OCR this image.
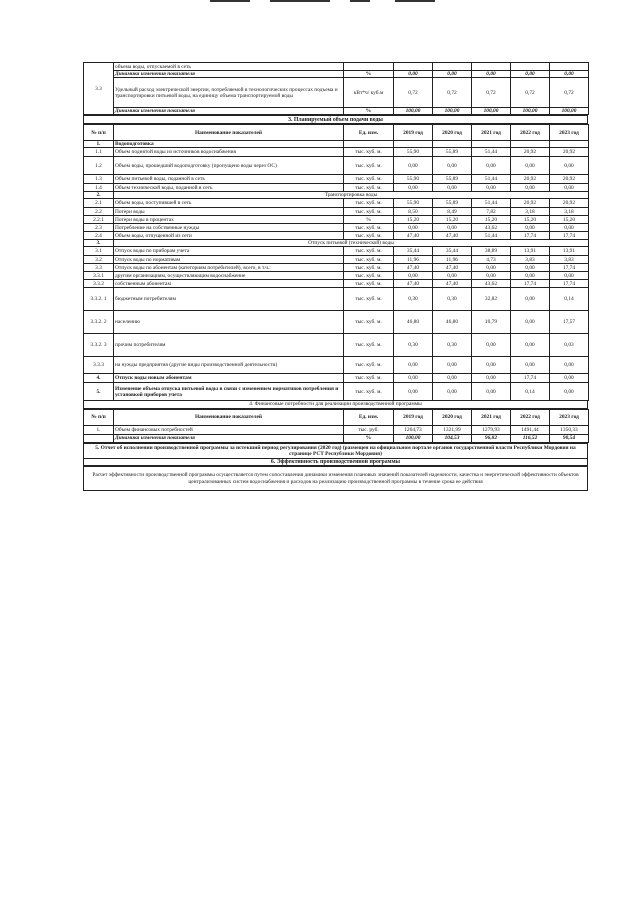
3.3	объема воды, отпускаемой в сеть						
	Динамика изменения показателя	%	0,00	0,00	0,00	0,00	0,00
	Удельный расход электрической энергии, потребляемой в технологических процессах подъема и транспортировки питьевой воды, на единицу объема транспортируемой воды	кВт*ч/ куб.м	0,72	0,72	0,72	0,72	0,72
	Динамика изменения показателя	%	100,00	100,00	100,00	100,00	100,00
3. Планируемый объем подачи воды
№ п/п	Наименование показателей	Ед. изм.	2019 год	2020 год	2021 год	2022 год	2023 год
1.	Водоподготовка						
1.1	Объем поднятой воды из источников водоснабжения	тыс. куб. м.	55,90	55,89	51,44	20,92	20,92
1.2	Объем воды, прошедший водоподготовку (пропущено воды через ОС)	тыс. куб. м.	0,00	0,00	0,00	0,00	0,00
1.3	Объем питьевой воды, поданной в сеть	тыс. куб. м.	55,90	55,89	51,44	20,92	20,92
1.4	Объем технической воды, поданной в сеть	тыс. куб. м.	0,00	0,00	0,00	0,00	0,00
2.	Транспортировка воды						
2.1	Объем воды, поступившей в сеть	тыс. куб. м.	55,90	55,89	51,44	20,92	20,92
2.2	Потери воды	тыс. куб. м.	8,50	8,49	7,82	3,18	3,18
2.2.1	Потери воды в процентах	%	15,20	15,20	15,20	15,20	15,20
2.3	Потребление на собственные нужды	тыс. куб. м.	0,00	0,00	43,62	0,00	0,00
2.4	Объем воды, отпущенной из сети	тыс. куб. м.	47,40	47,40	51,44	17,74	17,74
3.	Отпуск питьевой (технической) воды						
3.1	Отпуск воды по приборам учета	тыс. куб. м.	35,44	35,44	38,89	13,91	13,91
3.2	Отпуск воды по нормативам	тыс. куб. м.	11,96	11,96	4,73	3,83	3,83
3.3	Отпуск воды по абонентам (категориям потребителей), всего, в т.ч.:	тыс. куб. м.	47,40	47,40	0,00	0,00	17,74
3.3.1	другим организациям, осуществляющим водоснабжение	тыс. куб. м.	0,00	0,00	0,00	0,00	0,00
3.3.2	собственным абонентам	тыс. куб. м.	47,40	47,40	43,62	17,74	17,74
3.3.2. 1	бюджетным потребителям	тыс. куб. м.	0,30	0,30	32,82	0,00	0,14
3.3.2. 2	населению	тыс. куб. м.	46,80	46,80	10,79	0,00	17,57
3.3.2. 3	прочим потребителям	тыс. куб. м.	0,30	0,30	0,00	0,00	0,03
3.3.3	на нужды предприятия (другие виды производственной деятельности)	тыс. куб. м.	0,00	0,00	0,00	0,00	0,00
4.	Отпуск воды новым абонентам	тыс. куб. м.	0,00	0,00	0,00	17,74	0,00
5.	Изменение объема отпуска питьевой воды в связи с изменением нормативов потребления и установкой приборов учета	тыс. куб. м.	0,00	0,00	0,00	0,14	0,00
4. Финансовые потребности для реализации производственной программы
№ п/п	Наименование показателей	Ед. изм.	2019 год	2020 год	2021 год	2022 год	2023 год
1.	Объем финансовых потребностей	тыс. руб.	1264,73	1321,99	1279,93	1491,44	1350,33
	Динамика изменения показателя	%	100,00	104,53	96,82	116,52	90,54
5. Отчет об исполнении производственной программы за истекший период регулирования (2020 год) (размещен на официальном портале органов государственной власти Республики Мордовия на странице РСТ Республики Мордовия)
6. Эффективность производственной программы
Расчет эффективности производственной программы осуществляется путем сопоставления динамики изменения плановых значений показателей надежности, качества и энергетической эффективности объектов централизованных систем водоснабжения и расходов на реализацию производственной программы в течение срока ее действия
